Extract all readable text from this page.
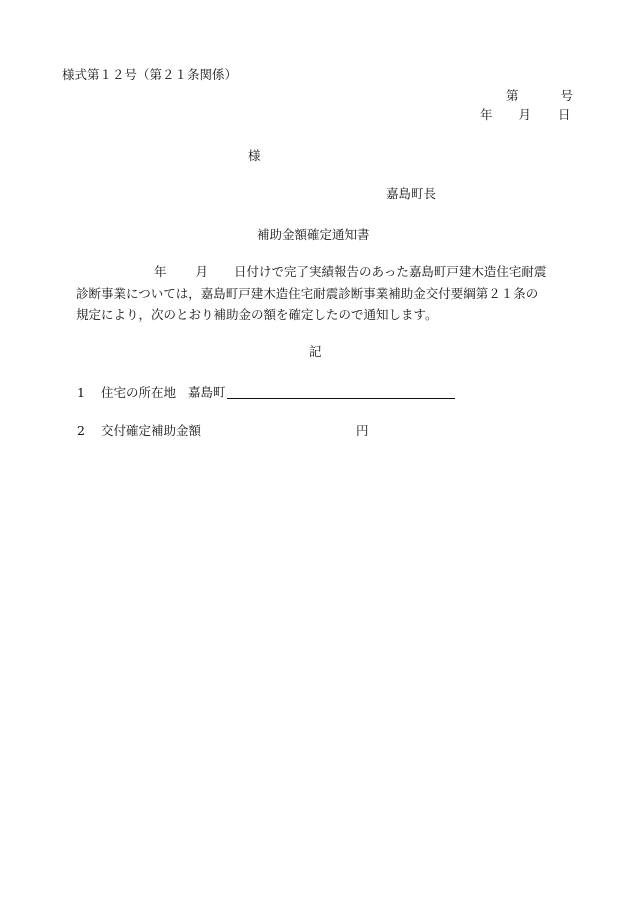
様式第１２号（第２１条関係）
第	号
年 月 日
様
嘉島町長
補助金額確定通知書
年 月 日付けで完了実績報告のあった嘉島町戸建木造住宅耐震
診断事業については，嘉島町戸建木造住宅耐震診断事業補助金交付要綱第２１条の
規定により，次のとおり補助金の額を確定したので通知します。
記
1 住宅の所在地 嘉島町
2 交付確定補助金額	円
